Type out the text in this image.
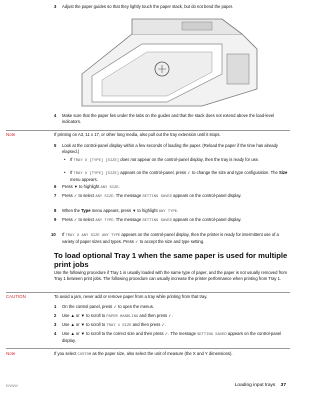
3 Adjust the paper guides so that they lightly touch the paper stack, but do not bend the paper.
4 Make sure that the paper lies under the tabs on the guides and that the stack does not extend above the load-level indicators.
Note	If printing on A3, 11 x 17, or other long media, also pull out the tray extension until it stops.
5 Look at the control-panel display within a few seconds of loading the paper. (Reload the paper if the time has already elapsed.)
• If TRAY X [TYPE] [SIZE] does not appear on the control-panel display, then the tray is ready for use.
• If TRAY X [TYPE] [SIZE] appears on the control-panel, press ✓ to change the size and type configuration. The Size menu appears.
6 Press ▼ to highlight ANY SIZE.
7 Press ✓ to select ANY SIZE. The message SETTING SAVED appears on the control-panel display.
8 When the Type menu appears, press ▼ to highlight ANY TYPE.
9 Press ✓ to select ANY TYPE. The message SETTING SAVED appears on the control-panel display.
10 If TRAY X ANY SIZE ANY TYPE appears on the control-panel display, then the printer is ready for intermittent use of a variety of paper sizes and types. Press ✓ to accept the size and type setting.
To load optional Tray 1 when the same paper is used for multiple print jobs
Use the following procedure if Tray 1 is usually loaded with the same type of paper, and the paper is not usually removed from Tray 1 between print jobs. The following procedure can usually increase the printer performance when printing from Tray 1.
CAUTION	To avoid a jam, never add or remove paper from a tray while printing from that tray.
1 On the control panel, press ✓ to open the menus.
2 Use ▲ or ▼ to scroll to PAPER HANDLING and then press ✓.
3 Use ▲ or ▼ to scroll to TRAY 1 SIZE and then press ✓.
4 Use ▲ or ▼ to scroll to the correct size and then press ✓. The message SETTING SAVED appears on the control-panel display.
Note	If you select CUSTOM as the paper size, also select the unit of measure (the X and Y dimensions).
ENWW	Loading input trays 37
